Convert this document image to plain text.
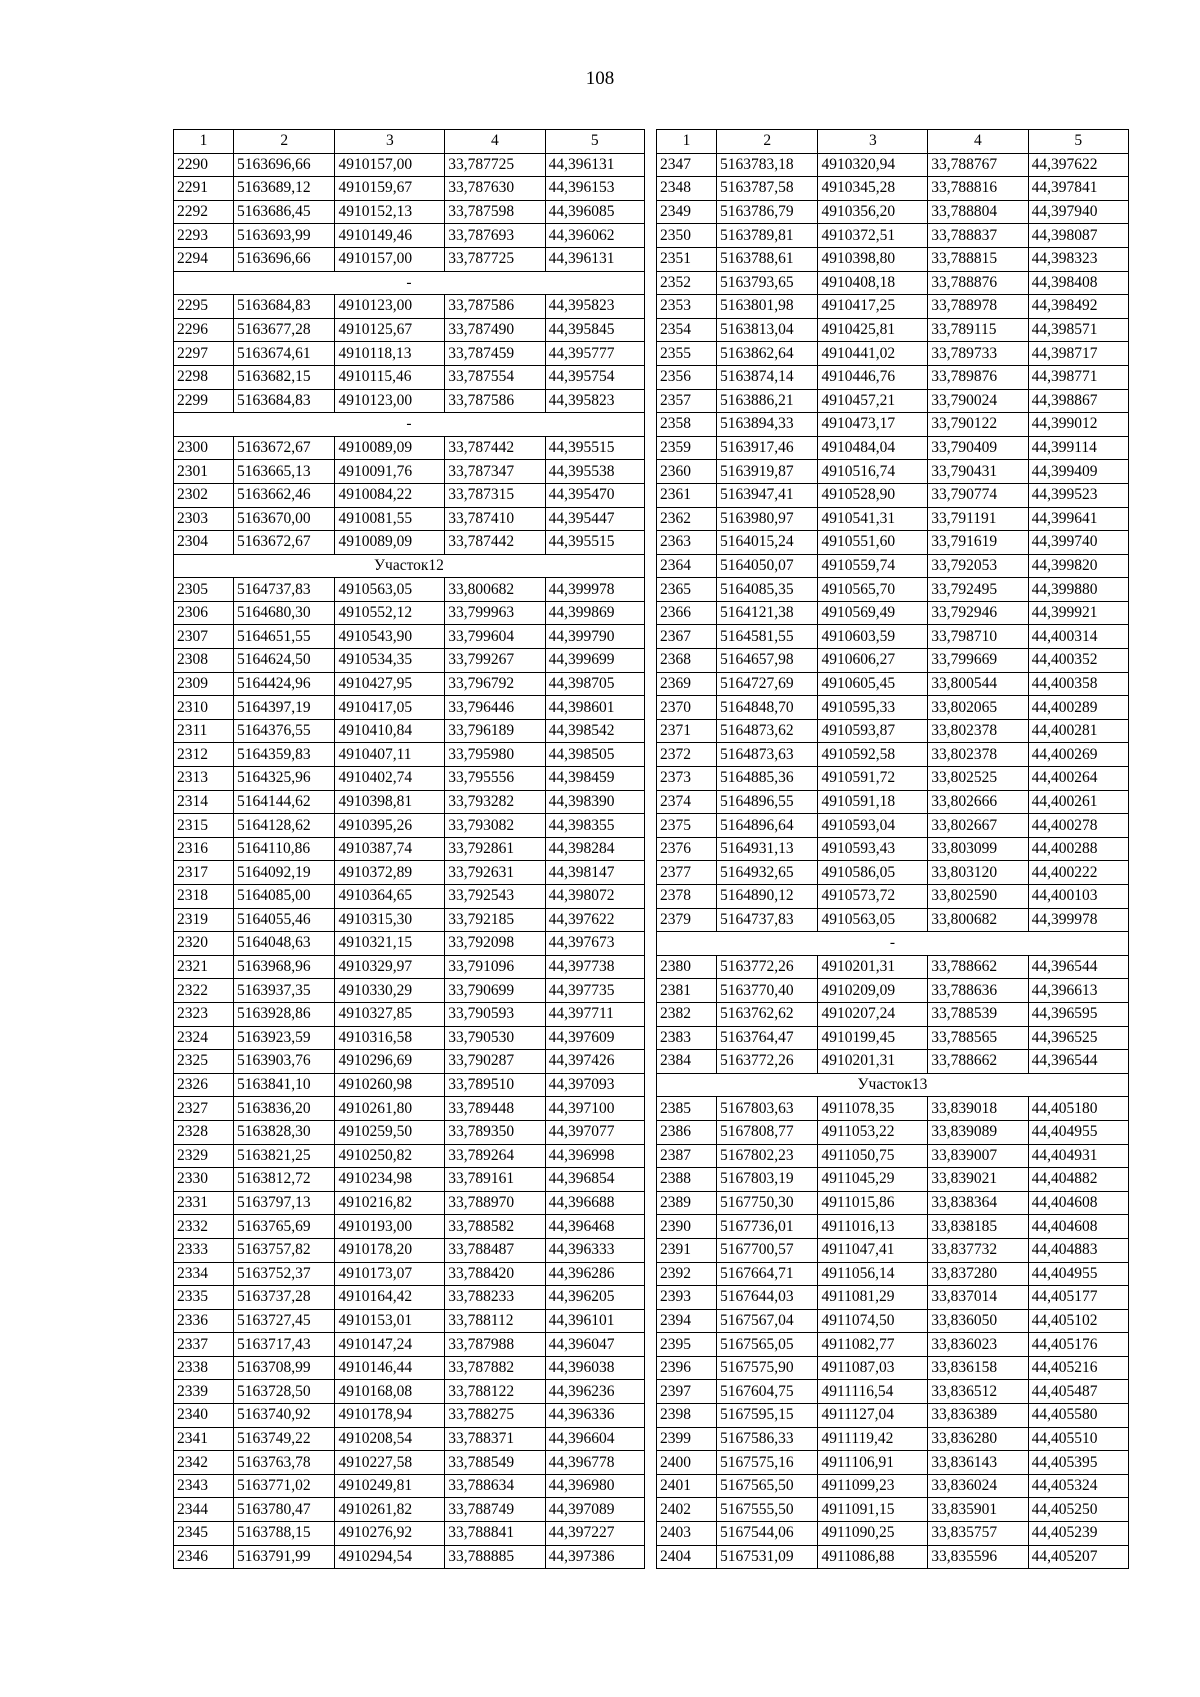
108
1	2	3	4	5
2290	5163696,66	4910157,00	33,787725	44,396131
2291	5163689,12	4910159,67	33,787630	44,396153
2292	5163686,45	4910152,13	33,787598	44,396085
2293	5163693,99	4910149,46	33,787693	44,396062
2294	5163696,66	4910157,00	33,787725	44,396131
-				
2295	5163684,83	4910123,00	33,787586	44,395823
2296	5163677,28	4910125,67	33,787490	44,395845
2297	5163674,61	4910118,13	33,787459	44,395777
2298	5163682,15	4910115,46	33,787554	44,395754
2299	5163684,83	4910123,00	33,787586	44,395823
-				
2300	5163672,67	4910089,09	33,787442	44,395515
2301	5163665,13	4910091,76	33,787347	44,395538
2302	5163662,46	4910084,22	33,787315	44,395470
2303	5163670,00	4910081,55	33,787410	44,395447
2304	5163672,67	4910089,09	33,787442	44,395515
Участок12				
2305	5164737,83	4910563,05	33,800682	44,399978
2306	5164680,30	4910552,12	33,799963	44,399869
2307	5164651,55	4910543,90	33,799604	44,399790
2308	5164624,50	4910534,35	33,799267	44,399699
2309	5164424,96	4910427,95	33,796792	44,398705
2310	5164397,19	4910417,05	33,796446	44,398601
2311	5164376,55	4910410,84	33,796189	44,398542
2312	5164359,83	4910407,11	33,795980	44,398505
2313	5164325,96	4910402,74	33,795556	44,398459
2314	5164144,62	4910398,81	33,793282	44,398390
2315	5164128,62	4910395,26	33,793082	44,398355
2316	5164110,86	4910387,74	33,792861	44,398284
2317	5164092,19	4910372,89	33,792631	44,398147
2318	5164085,00	4910364,65	33,792543	44,398072
2319	5164055,46	4910315,30	33,792185	44,397622
2320	5164048,63	4910321,15	33,792098	44,397673
2321	5163968,96	4910329,97	33,791096	44,397738
2322	5163937,35	4910330,29	33,790699	44,397735
2323	5163928,86	4910327,85	33,790593	44,397711
2324	5163923,59	4910316,58	33,790530	44,397609
2325	5163903,76	4910296,69	33,790287	44,397426
2326	5163841,10	4910260,98	33,789510	44,397093
2327	5163836,20	4910261,80	33,789448	44,397100
2328	5163828,30	4910259,50	33,789350	44,397077
2329	5163821,25	4910250,82	33,789264	44,396998
2330	5163812,72	4910234,98	33,789161	44,396854
2331	5163797,13	4910216,82	33,788970	44,396688
2332	5163765,69	4910193,00	33,788582	44,396468
2333	5163757,82	4910178,20	33,788487	44,396333
2334	5163752,37	4910173,07	33,788420	44,396286
2335	5163737,28	4910164,42	33,788233	44,396205
2336	5163727,45	4910153,01	33,788112	44,396101
2337	5163717,43	4910147,24	33,787988	44,396047
2338	5163708,99	4910146,44	33,787882	44,396038
2339	5163728,50	4910168,08	33,788122	44,396236
2340	5163740,92	4910178,94	33,788275	44,396336
2341	5163749,22	4910208,54	33,788371	44,396604
2342	5163763,78	4910227,58	33,788549	44,396778
2343	5163771,02	4910249,81	33,788634	44,396980
2344	5163780,47	4910261,82	33,788749	44,397089
2345	5163788,15	4910276,92	33,788841	44,397227
2346	5163791,99	4910294,54	33,788885	44,397386
1	2	3	4	5
2347	5163783,18	4910320,94	33,788767	44,397622
2348	5163787,58	4910345,28	33,788816	44,397841
2349	5163786,79	4910356,20	33,788804	44,397940
2350	5163789,81	4910372,51	33,788837	44,398087
2351	5163788,61	4910398,80	33,788815	44,398323
2352	5163793,65	4910408,18	33,788876	44,398408
2353	5163801,98	4910417,25	33,788978	44,398492
2354	5163813,04	4910425,81	33,789115	44,398571
2355	5163862,64	4910441,02	33,789733	44,398717
2356	5163874,14	4910446,76	33,789876	44,398771
2357	5163886,21	4910457,21	33,790024	44,398867
2358	5163894,33	4910473,17	33,790122	44,399012
2359	5163917,46	4910484,04	33,790409	44,399114
2360	5163919,87	4910516,74	33,790431	44,399409
2361	5163947,41	4910528,90	33,790774	44,399523
2362	5163980,97	4910541,31	33,791191	44,399641
2363	5164015,24	4910551,60	33,791619	44,399740
2364	5164050,07	4910559,74	33,792053	44,399820
2365	5164085,35	4910565,70	33,792495	44,399880
2366	5164121,38	4910569,49	33,792946	44,399921
2367	5164581,55	4910603,59	33,798710	44,400314
2368	5164657,98	4910606,27	33,799669	44,400352
2369	5164727,69	4910605,45	33,800544	44,400358
2370	5164848,70	4910595,33	33,802065	44,400289
2371	5164873,62	4910593,87	33,802378	44,400281
2372	5164873,63	4910592,58	33,802378	44,400269
2373	5164885,36	4910591,72	33,802525	44,400264
2374	5164896,55	4910591,18	33,802666	44,400261
2375	5164896,64	4910593,04	33,802667	44,400278
2376	5164931,13	4910593,43	33,803099	44,400288
2377	5164932,65	4910586,05	33,803120	44,400222
2378	5164890,12	4910573,72	33,802590	44,400103
2379	5164737,83	4910563,05	33,800682	44,399978
-				
2380	5163772,26	4910201,31	33,788662	44,396544
2381	5163770,40	4910209,09	33,788636	44,396613
2382	5163762,62	4910207,24	33,788539	44,396595
2383	5163764,47	4910199,45	33,788565	44,396525
2384	5163772,26	4910201,31	33,788662	44,396544
Участок13				
2385	5167803,63	4911078,35	33,839018	44,405180
2386	5167808,77	4911053,22	33,839089	44,404955
2387	5167802,23	4911050,75	33,839007	44,404931
2388	5167803,19	4911045,29	33,839021	44,404882
2389	5167750,30	4911015,86	33,838364	44,404608
2390	5167736,01	4911016,13	33,838185	44,404608
2391	5167700,57	4911047,41	33,837732	44,404883
2392	5167664,71	4911056,14	33,837280	44,404955
2393	5167644,03	4911081,29	33,837014	44,405177
2394	5167567,04	4911074,50	33,836050	44,405102
2395	5167565,05	4911082,77	33,836023	44,405176
2396	5167575,90	4911087,03	33,836158	44,405216
2397	5167604,75	4911116,54	33,836512	44,405487
2398	5167595,15	4911127,04	33,836389	44,405580
2399	5167586,33	4911119,42	33,836280	44,405510
2400	5167575,16	4911106,91	33,836143	44,405395
2401	5167565,50	4911099,23	33,836024	44,405324
2402	5167555,50	4911091,15	33,835901	44,405250
2403	5167544,06	4911090,25	33,835757	44,405239
2404	5167531,09	4911086,88	33,835596	44,405207
